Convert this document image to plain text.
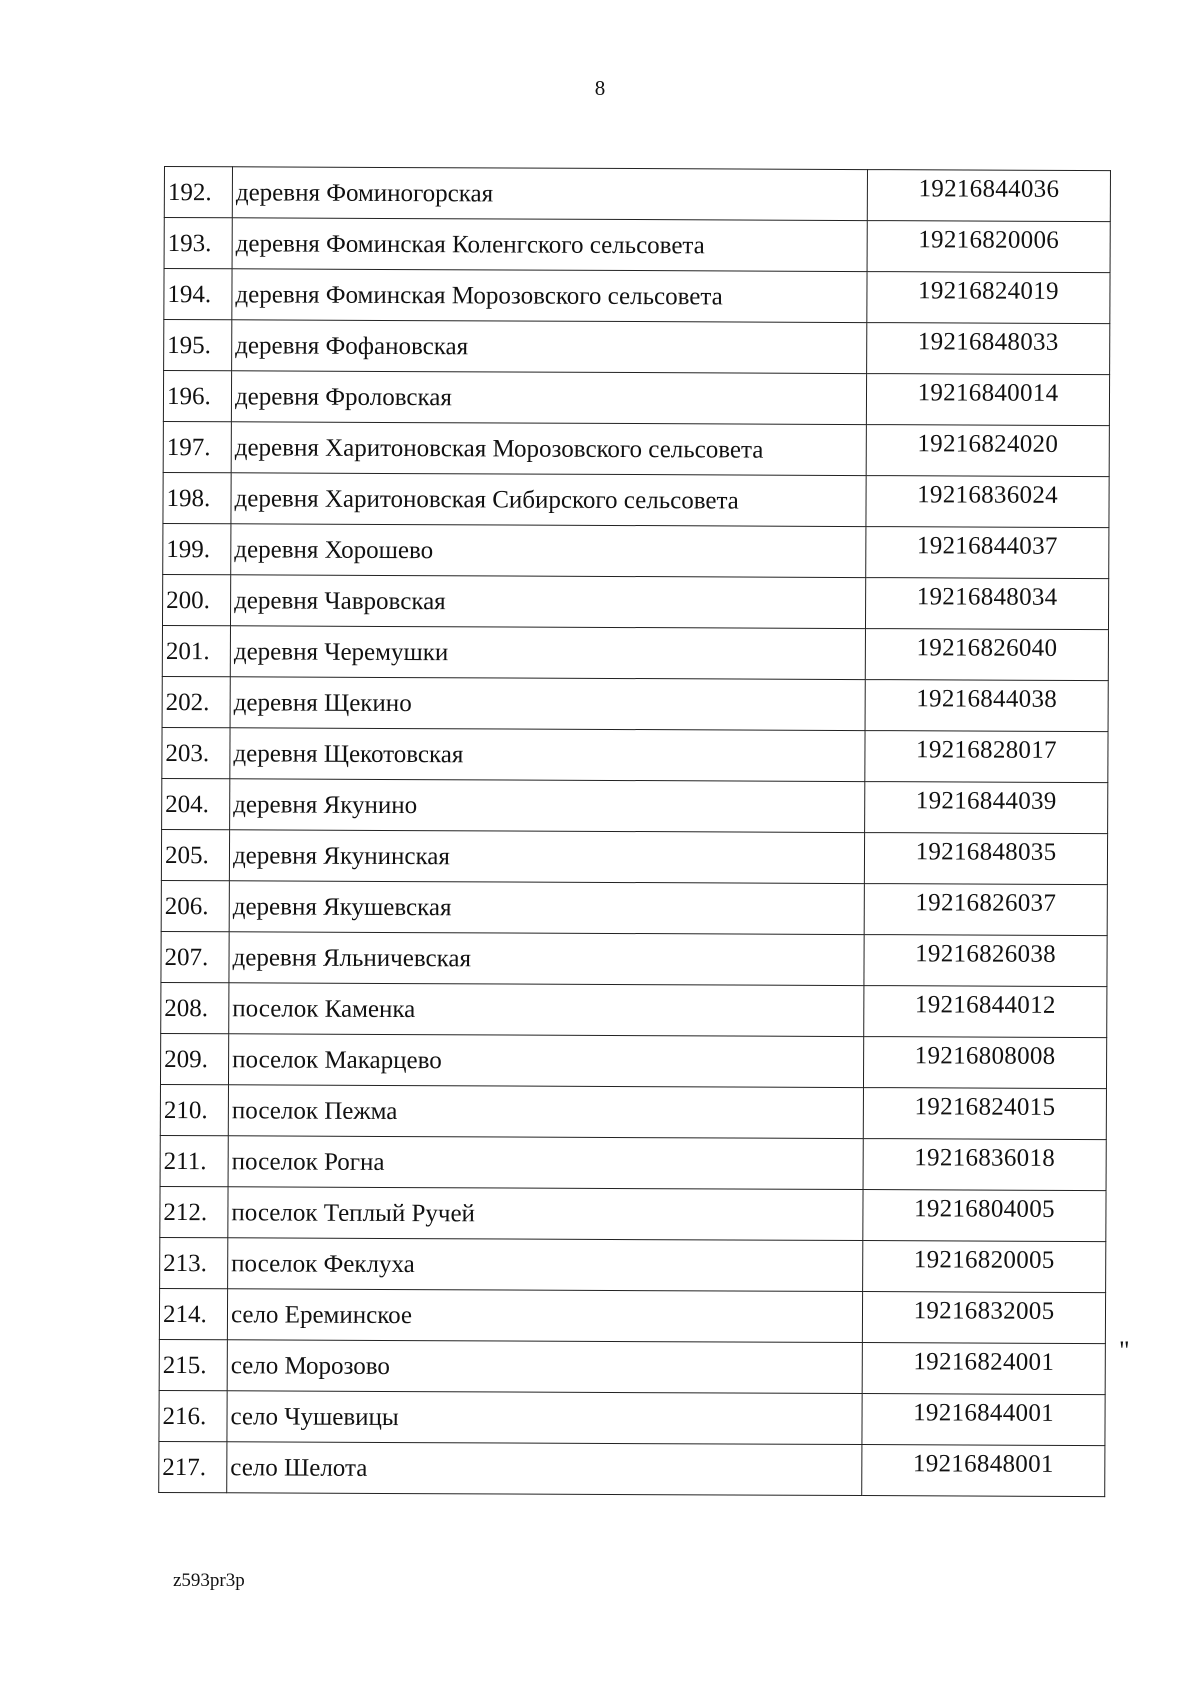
8
192.	деревня Фоминогорская	19216844036
193.	деревня Фоминская Коленгского сельсовета	19216820006
194.	деревня Фоминская Морозовского сельсовета	19216824019
195.	деревня Фофановская	19216848033
196.	деревня Фроловская	19216840014
197.	деревня Харитоновская Морозовского сельсовета	19216824020
198.	деревня Харитоновская Сибирского сельсовета	19216836024
199.	деревня Хорошево	19216844037
200.	деревня Чавровская	19216848034
201.	деревня Черемушки	19216826040
202.	деревня Щекино	19216844038
203.	деревня Щекотовская	19216828017
204.	деревня Якунино	19216844039
205.	деревня Якунинская	19216848035
206.	деревня Якушевская	19216826037
207.	деревня Яльничевская	19216826038
208.	поселок Каменка	19216844012
209.	поселок Макарцево	19216808008
210.	поселок Пежма	19216824015
211.	поселок Рогна	19216836018
212.	поселок Теплый Ручей	19216804005
213.	поселок Феклуха	19216820005
214.	село Ереминское	19216832005
215.	село Морозово	19216824001
216.	село Чушевицы	19216844001
217.	село Шелота	19216848001
"
z593pr3p
